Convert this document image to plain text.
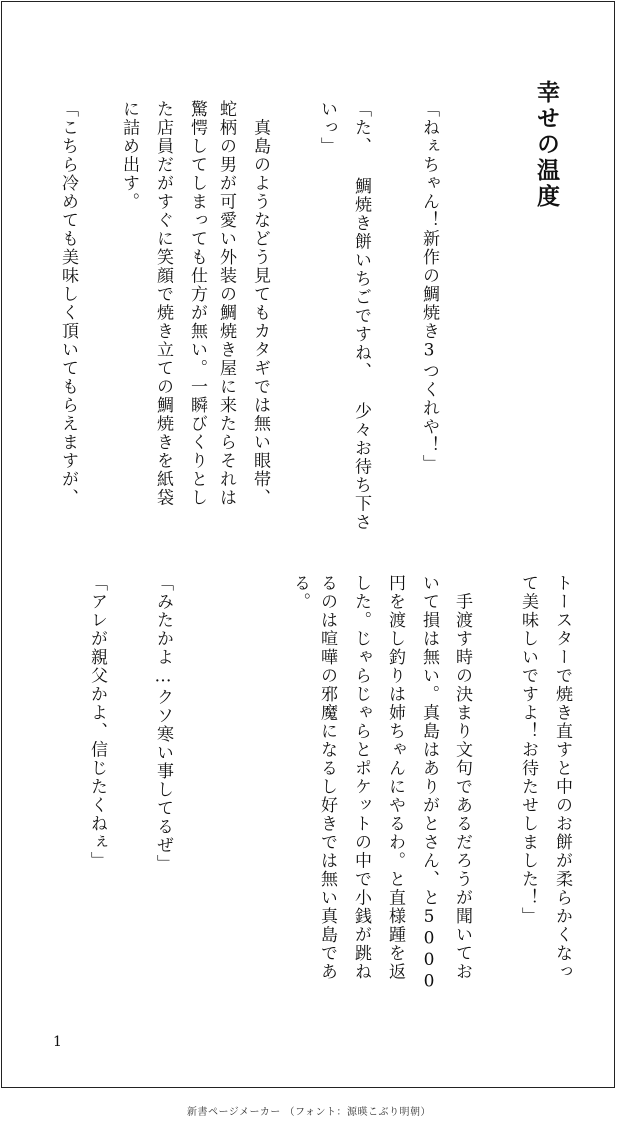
幸せの温度

「ねぇちゃん！新作の鯛焼き3つくれや！」

「た、 鯛焼き餅いちごですね、 少々お待ち下さ

いっ」

　真島のようなどう見てもカタギでは無い眼帯、

蛇柄の男が可愛い外装の鯛焼き屋に来たらそれは

驚愕してしまっても仕方が無い。一瞬びくりとし

た店員だがすぐに笑顔で焼き立ての鯛焼きを紙袋

に詰め出す。

「こちら冷めても美味しく頂いてもらえますが、

トースターで焼き直すと中のお餅が柔らかくなっ

て美味しいですよ！お待たせしました！」

　手渡す時の決まり文句であるだろうが聞いてお

いて損は無い。真島はありがとさん、と5000

円を渡し釣りは姉ちゃんにやるわ。と直様踵を返

した。じゃらじゃらとポケットの中で小銭が跳ね

るのは喧嘩の邪魔になるし好きでは無い真島であ

る。

「みたかよ…クソ寒い事してるぜ」

「アレが親父かよ、信じたくねぇ」

1
新書ページメーカー （フォント：源暎こぶり明朝）
